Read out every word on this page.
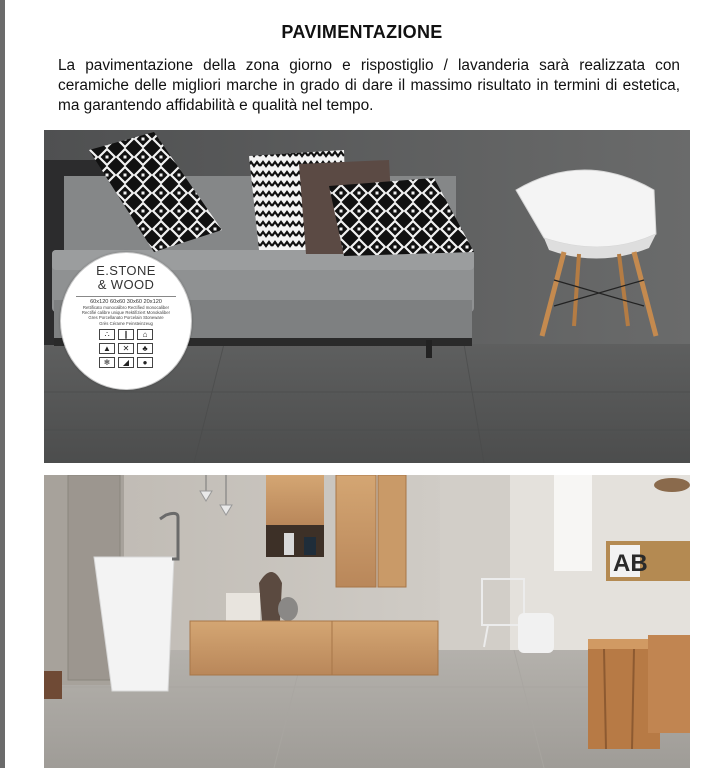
PAVIMENTAZIONE

La pavimentazione della zona giorno e rispostiglio / lavanderia sarà realizzata con ceramiche delle migliori marche in grado di dare il massimo risultato in termini di estetica, ma garantendo affidabilità e qualità nel tempo.

E.STONE
& WOOD
60x120 60x60 30x60 20x120
Rettificato monocalibro Rectified monocaliber
Rectifié calibre unique Rektifiziert Monokaliber
Gres Porcellanato Porcelain Stoneware
Grès Cérame Feinsteinzeug
∴	∥	⌂
▲	✕	♣
❄	◢	●
AB
